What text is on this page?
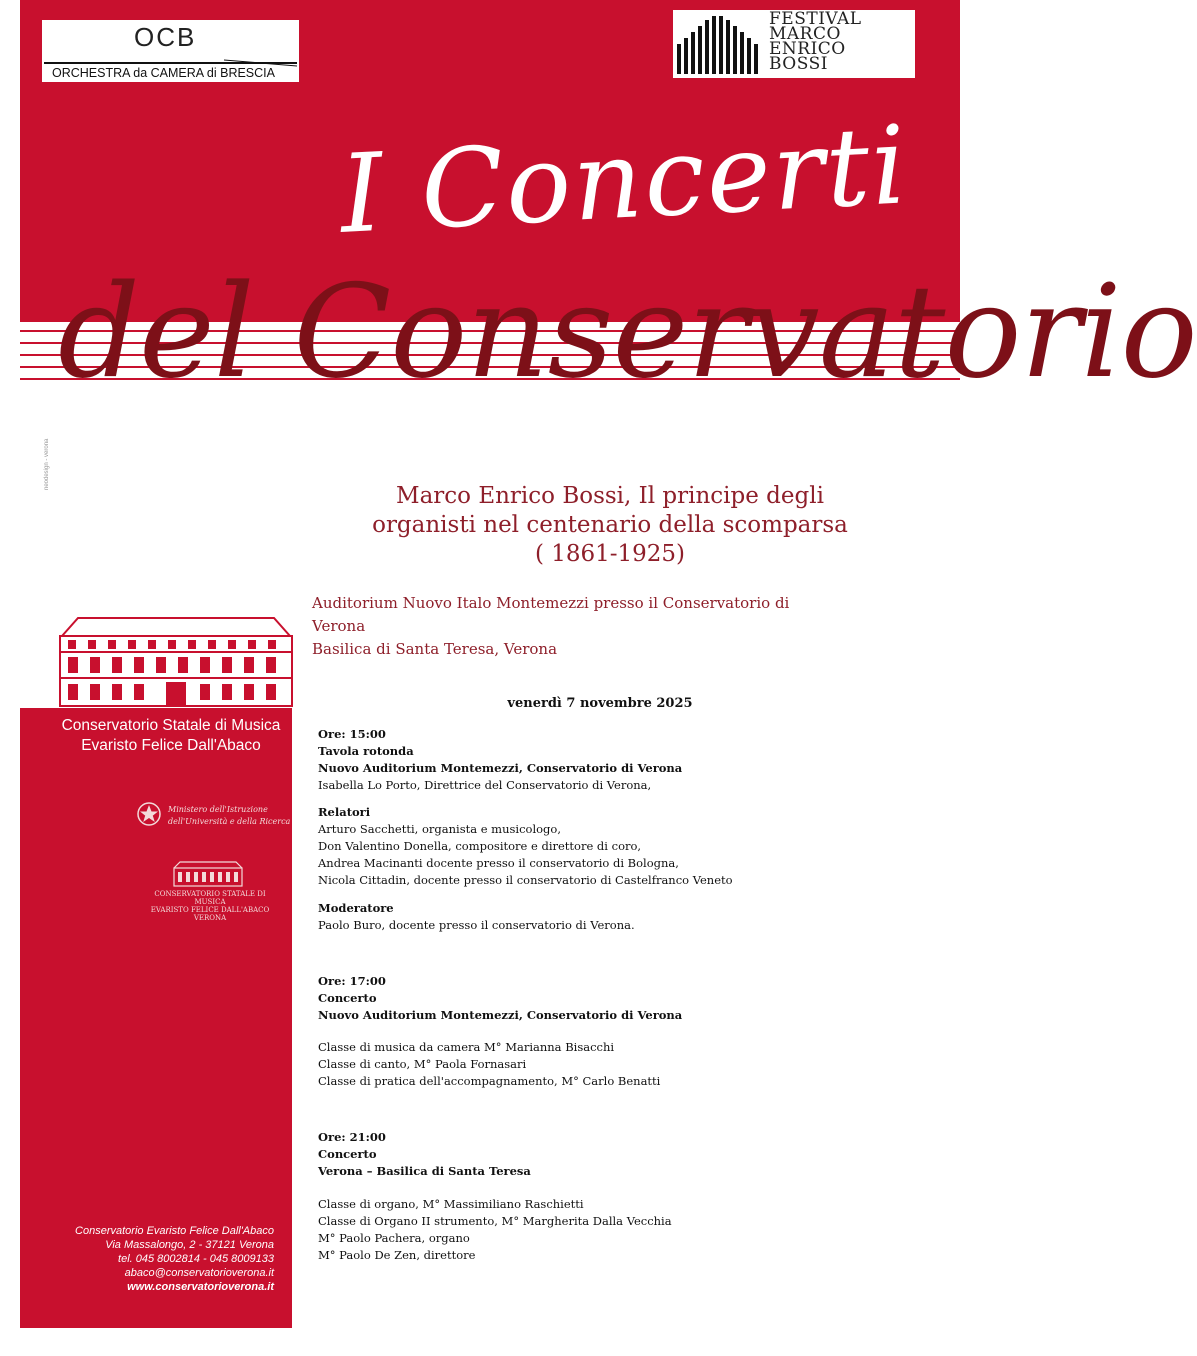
OCB
ORCHESTRA da CAMERA di BRESCIA
FESTIVAL
MARCO
ENRICO
BOSSI
I Concerti
del Conservatorio
neodesign - verona
Conservatorio Statale di Musica
Evaristo Felice Dall'Abaco
Ministero dell'Istruzione
dell'Università e della Ricerca
CONSERVATORIO STATALE DI MUSICA
EVARISTO FELICE DALL'ABACO
VERONA
Conservatorio Evaristo Felice Dall'Abaco
Via Massalongo, 2 - 37121 Verona
tel. 045 8002814 - 045 8009133
abaco@conservatorioverona.it
www.conservatorioverona.it
Marco Enrico Bossi, Il principe degli
organisti nel centenario della scomparsa
( 1861-1925)
Auditorium Nuovo Italo Montemezzi presso il Conservatorio di
Verona
Basilica di Santa Teresa, Verona
venerdì 7 novembre 2025
Ore: 15:00
Tavola rotonda
Nuovo Auditorium Montemezzi, Conservatorio di Verona
Isabella Lo Porto, Direttrice del Conservatorio di Verona,
Relatori
Arturo Sacchetti, organista e musicologo,
Don Valentino Donella, compositore e direttore di coro,
Andrea Macinanti docente presso il conservatorio di Bologna,
Nicola Cittadin, docente presso il conservatorio di Castelfranco Veneto
Moderatore
Paolo Buro, docente presso il conservatorio di Verona.
Ore: 17:00
Concerto
Nuovo Auditorium Montemezzi, Conservatorio di Verona
Classe di musica da camera M° Marianna Bisacchi
Classe di canto, M° Paola Fornasari
Classe di pratica dell'accompagnamento, M° Carlo Benatti
Ore: 21:00
Concerto
Verona – Basilica di Santa Teresa
Classe di organo, M° Massimiliano Raschietti
Classe di Organo II strumento, M° Margherita Dalla Vecchia
M° Paolo Pachera, organo
M° Paolo De Zen, direttore
